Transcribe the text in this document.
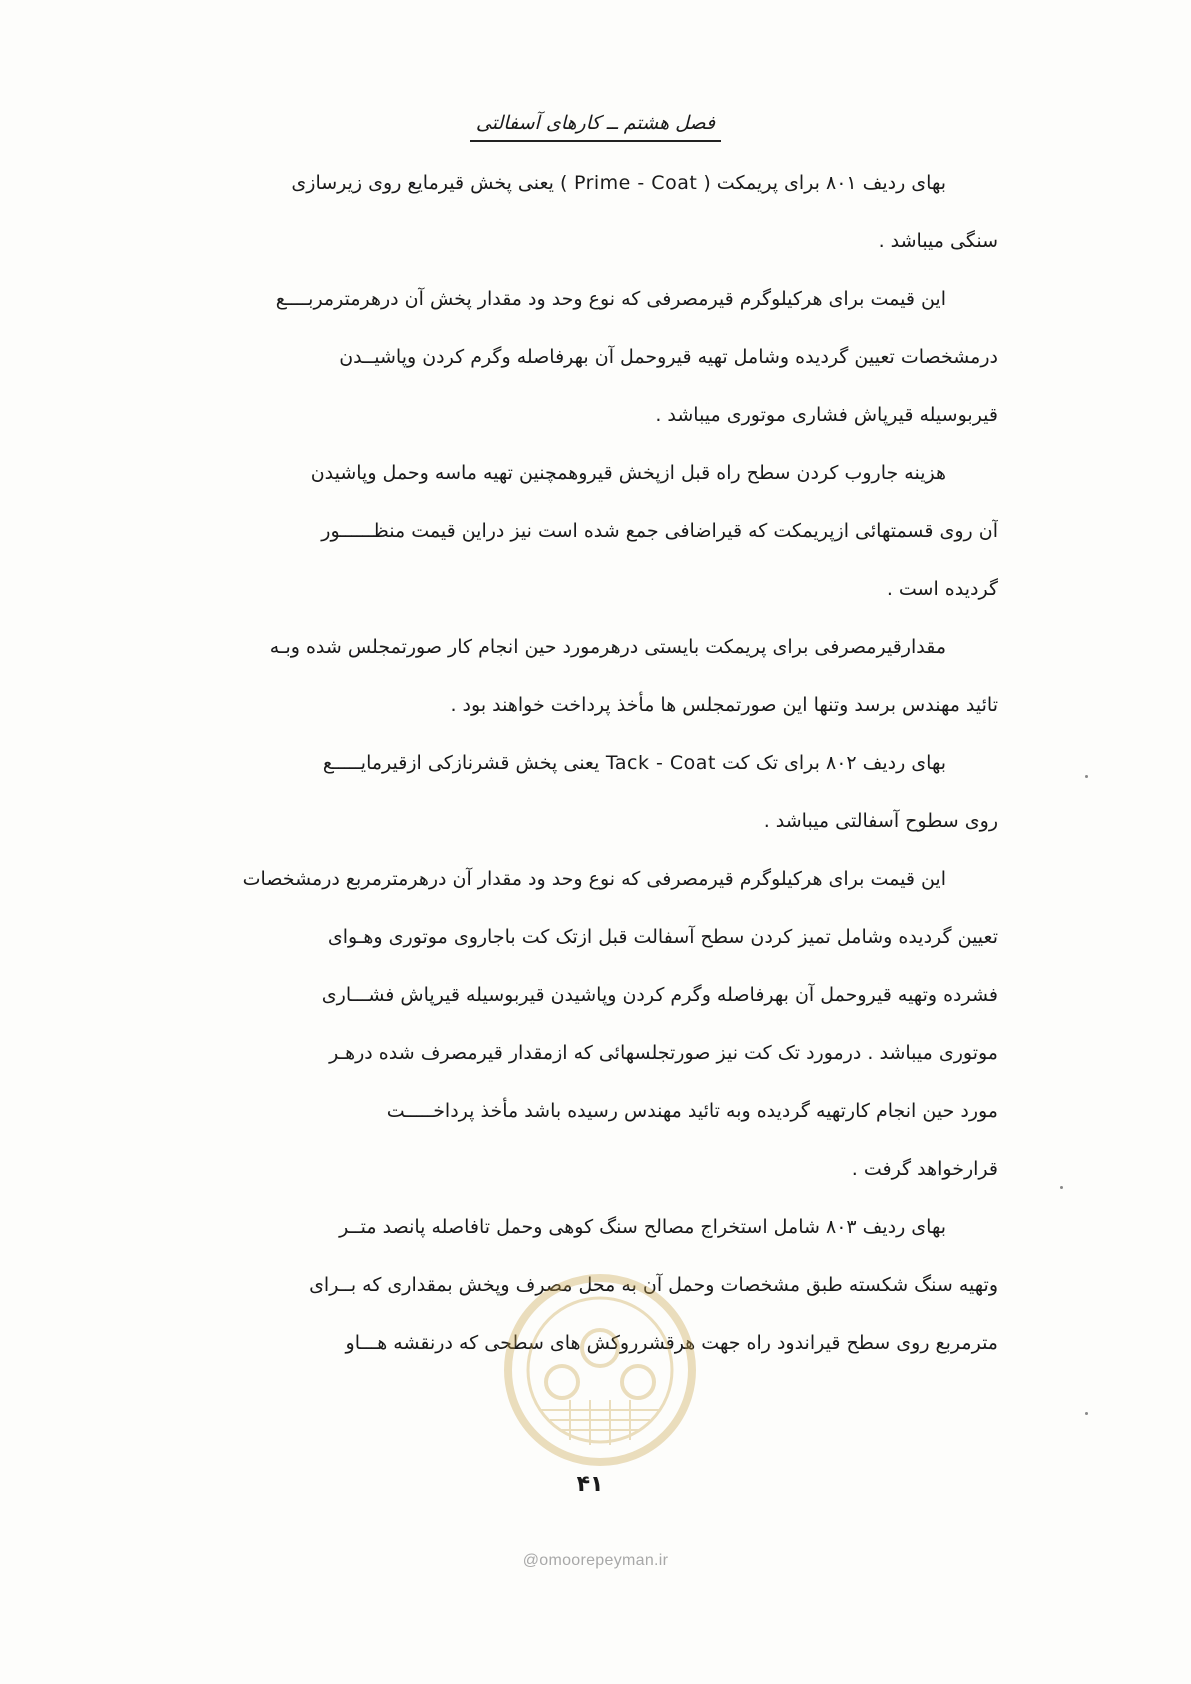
فصل هشتم ــ کارهای آسفالتی
بهای ردیف ۸۰۱ برای پریمکت ( Prime - Coat ) یعنی پخش قیرمایع روی زیرسازی
سنگی میباشد .
این قیمت برای هرکیلوگرم قیرمصرفی که نوع وحد ود مقدار پخش آن درهرمترمربــــع
درمشخصات تعیین گردیده وشامل تهیه قیروحمل آن بهرفاصله وگرم کردن وپاشیــدن
قیربوسیله قیرپاش فشاری موتوری میباشد .
هزینه جاروب کردن سطح راه قبل ازپخش قیروهمچنین تهیه ماسه وحمل وپاشیدن
آن روی قسمتهائی ازپریمکت که قیراضافی جمع شده است نیز دراین قیمت منظــــــور
گردیده است .
مقدارقیرمصرفی برای پریمکت بایستی درهرمورد حین انجام کار صورتمجلس شده وبـه
تائید مهندس برسد وتنها این صورتمجلس ها مأخذ پرداخت خواهند بود .
بهای ردیف ۸۰۲ برای تک کت Tack - Coat یعنی پخش قشرنازکی ازقیرمایـــــع
روی سطوح آسفالتی میباشد .
این قیمت برای هرکیلوگرم قیرمصرفی که نوع وحد ود مقدار آن درهرمترمربع درمشخصات
تعیین گردیده وشامل تمیز کردن سطح آسفالت قبل ازتک کت باجاروی موتوری وهـوای
فشرده وتهیه قیروحمل آن بهرفاصله وگرم کردن وپاشیدن قیربوسیله قیرپاش فشـــاری
موتوری میباشد . درمورد تک کت نیز صورتجلسهائی که ازمقدار قیرمصرف شده درهـر
مورد حین انجام کارتهیه گردیده وبه تائید مهندس رسیده باشد مأخذ پرداخـــــت
قرارخواهد گرفت .
بهای ردیف ۸۰۳ شامل استخراج مصالح سنگ کوهی وحمل تافاصله پانصد متــر
وتهیه سنگ شکسته طبق مشخصات وحمل آن به محل مصرف وپخش بمقداری که بــرای
مترمربع روی سطح قیراندود راه جهت هرقشرروکش های سطحی که درنقشه هـــاو
۴۱
@omoorepeyman.ir
